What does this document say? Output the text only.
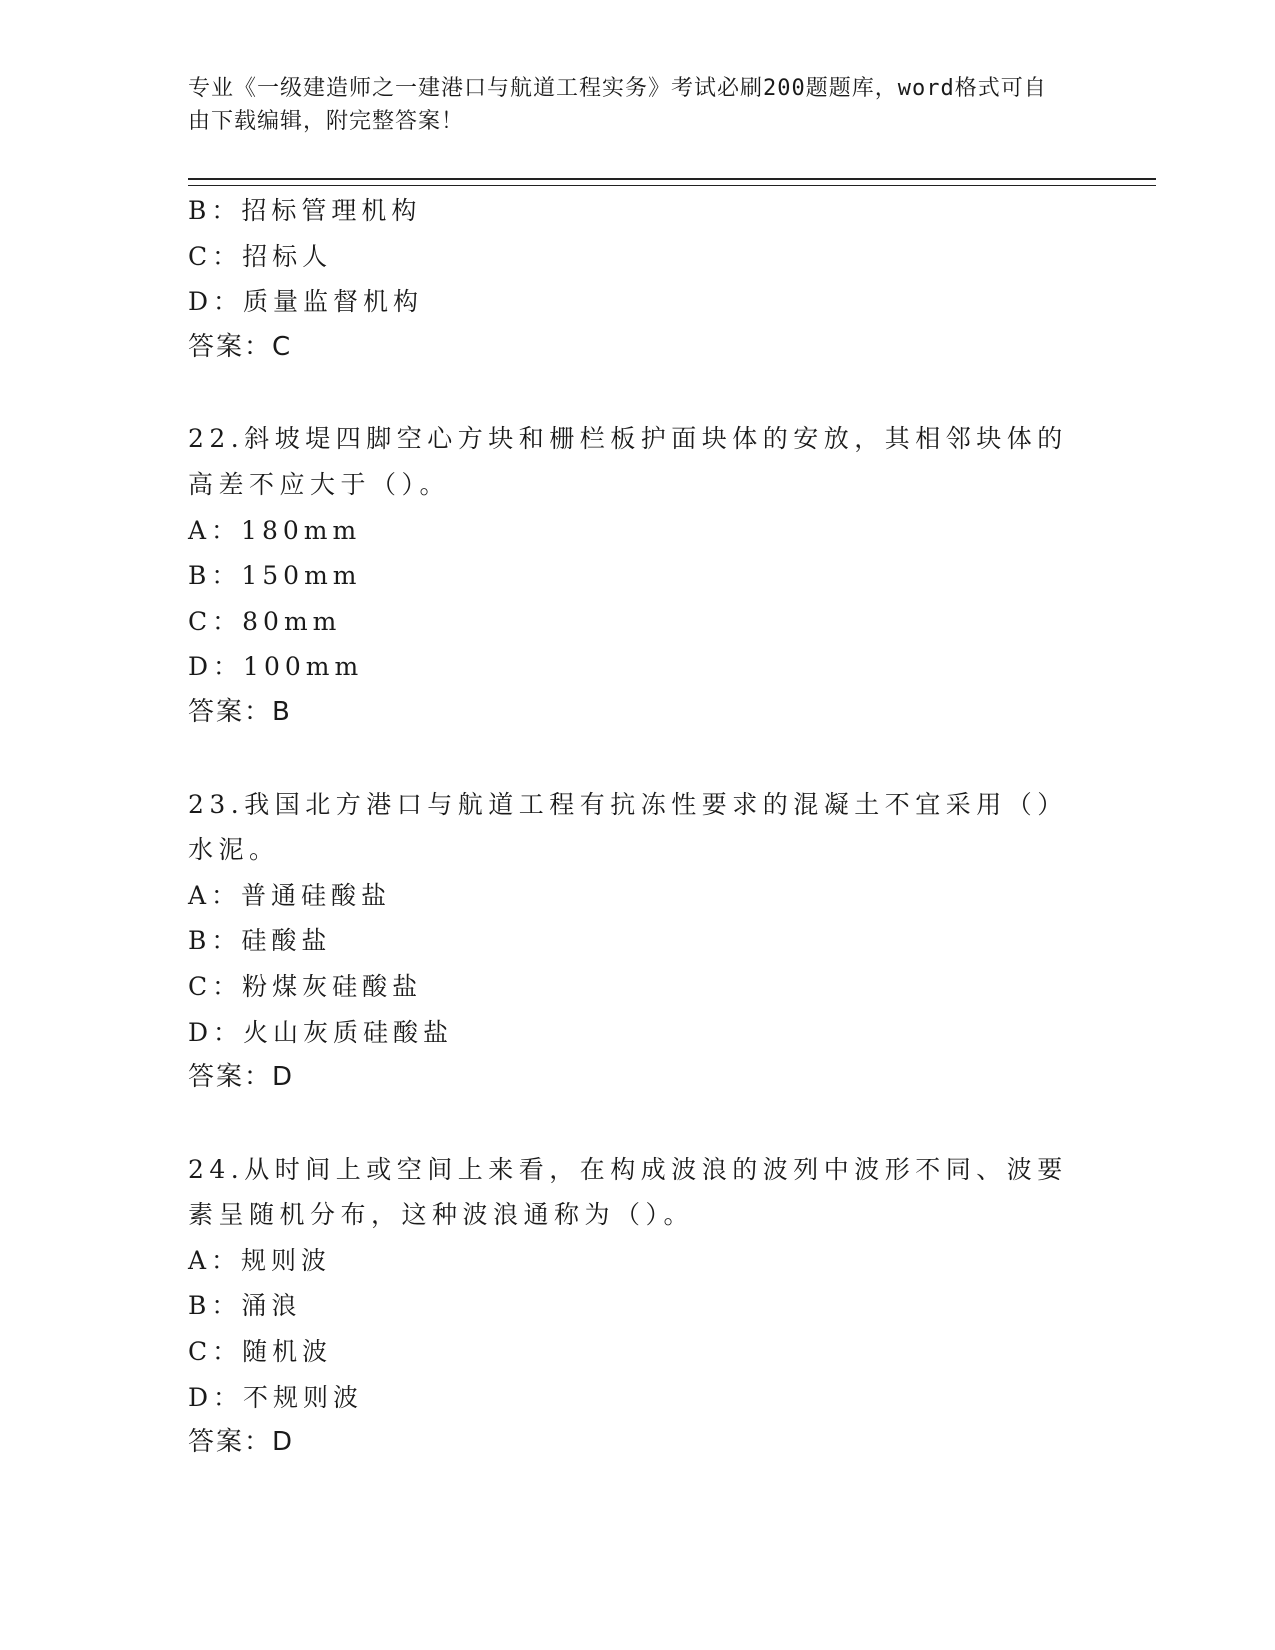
专业《一级建造师之一建港口与航道工程实务》考试必刷200题题库，word格式可自由下载编辑，附完整答案！
B：招标管理机构
C：招标人
D：质量监督机构
答案：C
22.斜坡堤四脚空心方块和栅栏板护面块体的安放，其相邻块体的高差不应大于（）。
A：180mm
B：150mm
C：80mm
D：100mm
答案：B
23.我国北方港口与航道工程有抗冻性要求的混凝土不宜采用（）水泥。
A：普通硅酸盐
B：硅酸盐
C：粉煤灰硅酸盐
D：火山灰质硅酸盐
答案：D
24.从时间上或空间上来看，在构成波浪的波列中波形不同、波要素呈随机分布，这种波浪通称为（）。
A：规则波
B：涌浪
C：随机波
D：不规则波
答案：D
